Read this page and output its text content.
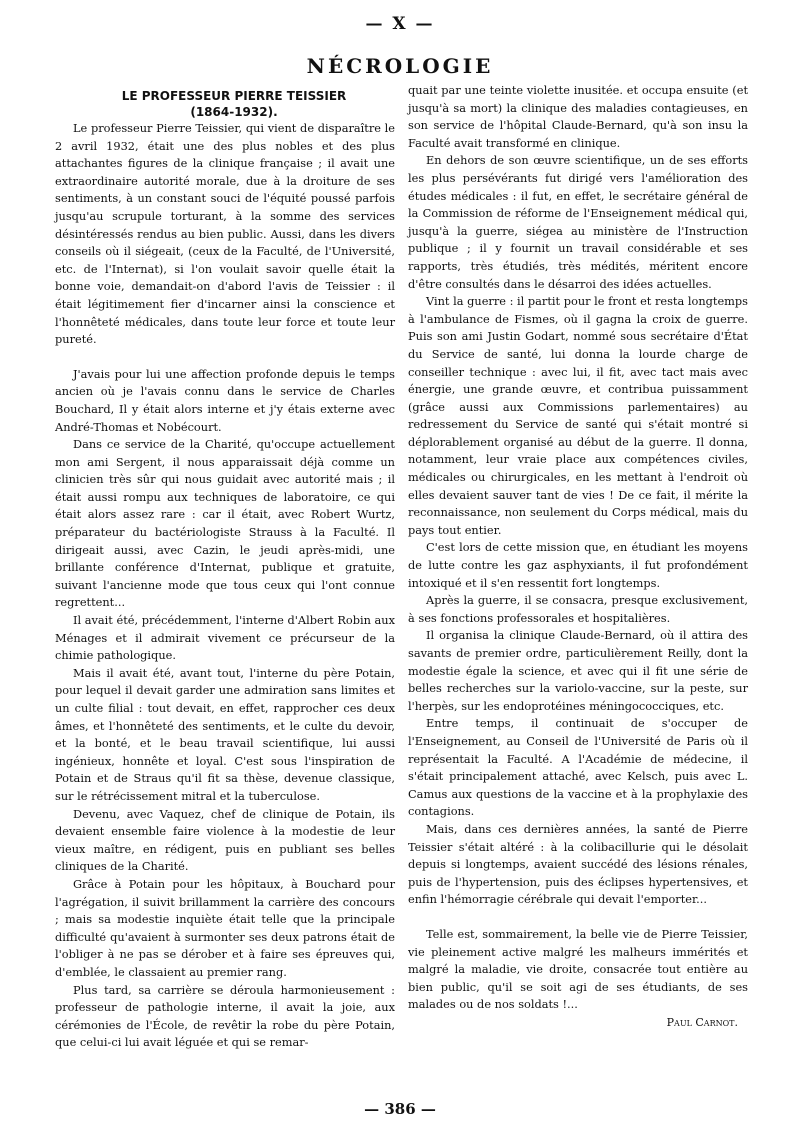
— X —
NÉCROLOGIE

LE PROFESSEUR PIERRE TEISSIER

(1864-1932).

Le professeur Pierre Teissier, qui vient de disparaître le 2 avril 1932, était une des plus nobles et des plus attachantes figures de la clinique française ; il avait une extraordinaire autorité morale, due à la droiture de ses sentiments, à un constant souci de l'équité poussé parfois jusqu'au scrupule torturant, à la somme des services désintéressés rendus au bien public. Aussi, dans les divers conseils où il siégeait, (ceux de la Faculté, de l'Université, etc. de l'Internat), si l'on voulait savoir quelle était la bonne voie, demandait-on d'abord l'avis de Teissier : il était légitimement fier d'incarner ainsi la conscience et l'honnêteté médicales, dans toute leur force et toute leur pureté.

J'avais pour lui une affection profonde depuis le temps ancien où je l'avais connu dans le service de Charles Bouchard, Il y était alors interne et j'y étais externe avec André-Thomas et Nobécourt.

Dans ce service de la Charité, qu'occupe actuellement mon ami Sergent, il nous apparaissait déjà comme un clinicien très sûr qui nous guidait avec autorité mais ; il était aussi rompu aux techniques de laboratoire, ce qui était alors assez rare : car il était, avec Robert Wurtz, préparateur du bactériologiste Strauss à la Faculté. Il dirigeait aussi, avec Cazin, le jeudi après-midi, une brillante conférence d'Internat, publique et gratuite, suivant l'ancienne mode que tous ceux qui l'ont connue regrettent...

Il avait été, précédemment, l'interne d'Albert Robin aux Ménages et il admirait vivement ce précurseur de la chimie pathologique.

Mais il avait été, avant tout, l'interne du père Potain, pour lequel il devait garder une admiration sans limites et un culte filial : tout devait, en effet, rapprocher ces deux âmes, et l'honnêteté des sentiments, et le culte du devoir, et la bonté, et le beau travail scientifique, lui aussi ingénieux, honnête et loyal. C'est sous l'inspiration de Potain et de Straus qu'il fit sa thèse, devenue classique, sur le rétrécissement mitral et la tuberculose.

Devenu, avec Vaquez, chef de clinique de Potain, ils devaient ensemble faire violence à la modestie de leur vieux maître, en rédigent, puis en publiant ses belles cliniques de la Charité.

Grâce à Potain pour les hôpitaux, à Bouchard pour l'agrégation, il suivit brillamment la carrière des concours ; mais sa modestie inquiète était telle que la principale difficulté qu'avaient à surmonter ses deux patrons était de l'obliger à ne pas se dérober et à faire ses épreuves qui, d'emblée, le classaient au premier rang.

Plus tard, sa carrière se déroula harmonieusement : professeur de pathologie interne, il avait la joie, aux cérémonies de l'École, de revêtir la robe du père Potain, que celui-ci lui avait léguée et qui se remar-

quait par une teinte violette inusitée. et occupa ensuite (et jusqu'à sa mort) la clinique des maladies contagieuses, en son service de l'hôpital Claude-Bernard, qu'à son insu la Faculté avait transformé en clinique.

En dehors de son œuvre scientifique, un de ses efforts les plus persévérants fut dirigé vers l'amélioration des études médicales : il fut, en effet, le secrétaire général de la Commission de réforme de l'Enseignement médical qui, jusqu'à la guerre, siégea au ministère de l'Instruction publique ; il y fournit un travail considérable et ses rapports, très étudiés, très médités, méritent encore d'être consultés dans le désarroi des idées actuelles.

Vint la guerre : il partit pour le front et resta longtemps à l'ambulance de Fismes, où il gagna la croix de guerre. Puis son ami Justin Godart, nommé sous secrétaire d'État du Service de santé, lui donna la lourde charge de conseiller technique : avec lui, il fit, avec tact mais avec énergie, une grande œuvre, et contribua puissamment (grâce aussi aux Commissions parlementaires) au redressement du Service de santé qui s'était montré si déplorablement organisé au début de la guerre. Il donna, notamment, leur vraie place aux compétences civiles, médicales ou chirurgicales, en les mettant à l'endroit où elles devaient sauver tant de vies ! De ce fait, il mérite la reconnaissance, non seulement du Corps médical, mais du pays tout entier.

C'est lors de cette mission que, en étudiant les moyens de lutte contre les gaz asphyxiants, il fut profondément intoxiqué et il s'en ressentit fort longtemps.

Après la guerre, il se consacra, presque exclusivement, à ses fonctions professorales et hospitalières.

Il organisa la clinique Claude-Bernard, où il attira des savants de premier ordre, particulièrement Reilly, dont la modestie égale la science, et avec qui il fit une série de belles recherches sur la variolo-vaccine, sur la peste, sur l'herpès, sur les endoprotéines méningococciques, etc.

Entre temps, il continuait de s'occuper de l'Enseignement, au Conseil de l'Université de Paris où il représentait la Faculté. A l'Académie de médecine, il s'était principalement attaché, avec Kelsch, puis avec L. Camus aux questions de la vaccine et à la prophylaxie des contagions.

Mais, dans ces dernières années, la santé de Pierre Teissier s'était altéré : à la colibacillurie qui le désolait depuis si longtemps, avaient succédé des lésions rénales, puis de l'hypertension, puis des éclipses hypertensives, et enfin l'hémorragie cérébrale qui devait l'emporter...

Telle est, sommairement, la belle vie de Pierre Teissier, vie pleinement active malgré les malheurs immérités et malgré la maladie, vie droite, consacrée tout entière au bien public, qu'il se soit agi de ses étudiants, de ses malades ou de nos soldats !...

Paul Carnot.

— 386 —
